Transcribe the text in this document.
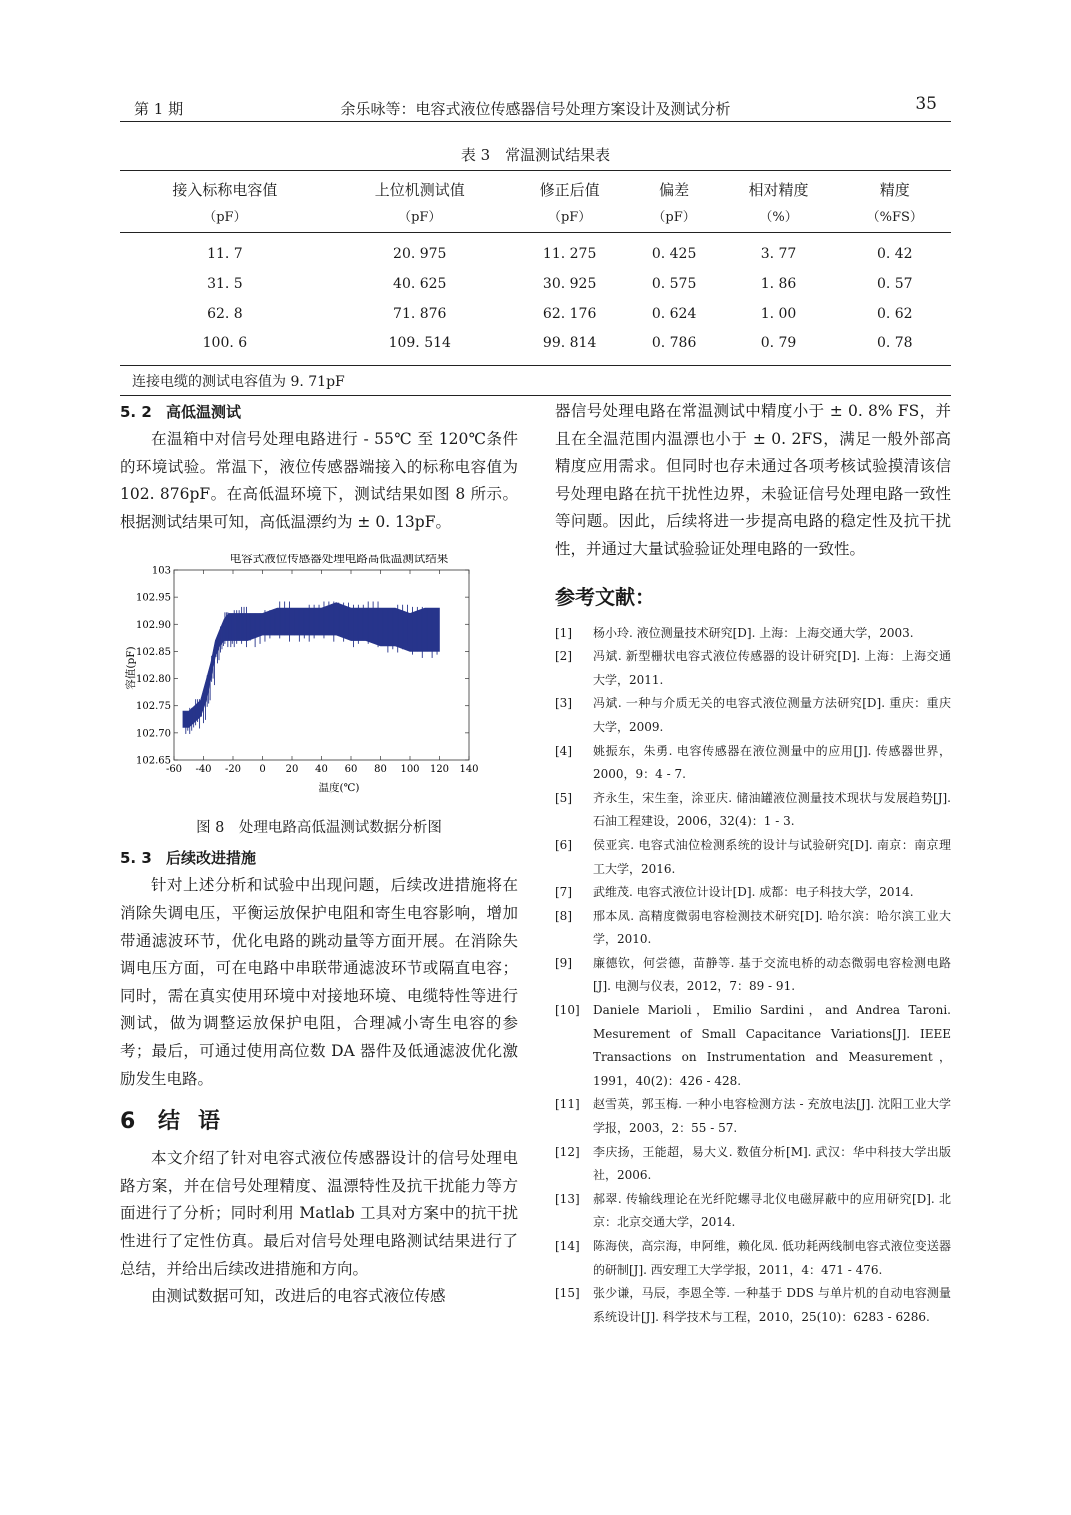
第 1 期	余乐咏等：电容式液位传感器信号处理方案设计及测试分析	35
表 3　常温测试结果表
接入标称电容值	上位机测试值	修正后值	偏差	相对精度	精度
（pF）	（pF）	（pF）	（pF）	（%）	（%FS）
11. 7	20. 975	11. 275	0. 425	3. 77	0. 42
31. 5	40. 625	30. 925	0. 575	1. 86	0. 57
62. 8	71. 876	62. 176	0. 624	1. 00	0. 62
100. 6	109. 514	99. 814	0. 786	0. 79	0. 78
连接电缆的测试电容值为 9. 71pF					
5. 2 高低温测试

在温箱中对信号处理电路进行 - 55℃ 至 120℃条件的环境试验。常温下，液位传感器端接入的标称电容值为 102. 876pF。在高低温环境下，测试结果如图 8 所示。根据测试结果可知，高低温漂约为 ± 0. 13pF。

电容式液位传感器处理电路高低温测试结果
容值(pF)
温度(℃)
-60 -40 -20 0 20 40 60 80 100 120 140
102.65
102.70
102.75
102.80
102.85
102.90
102.95
103
图 8　处理电路高低温测试数据分析图
5. 3 后续改进措施

针对上述分析和试验中出现问题，后续改进措施将在消除失调电压，平衡运放保护电阻和寄生电容影响，增加带通滤波环节，优化电路的跳动量等方面开展。在消除失调电压方面，可在电路中串联带通滤波环节或隔直电容；同时，需在真实使用环境中对接地环境、电缆特性等进行测试，做为调整运放保护电阻，合理减小寄生电容的参考；最后，可通过使用高位数 DA 器件及低通滤波优化激励发生电路。

6 结语

本文介绍了针对电容式液位传感器设计的信号处理电路方案，并在信号处理精度、温漂特性及抗干扰能力等方面进行了分析；同时利用 Matlab 工具对方案中的抗干扰性进行了定性仿真。最后对信号处理电路测试结果进行了总结，并给出后续改进措施和方向。

由测试数据可知，改进后的电容式液位传感

器信号处理电路在常温测试中精度小于 ± 0. 8% FS，并且在全温范围内温漂也小于 ± 0. 2FS，满足一般外部高精度应用需求。但同时也存未通过各项考核试验摸清该信号处理电路在抗干扰性边界，未验证信号处理电路一致性等问题。因此，后续将进一步提高电路的稳定性及抗干扰性，并通过大量试验验证处理电路的一致性。

参考文献：
[1] 杨小玲. 液位测量技术研究[D]. 上海：上海交通大学，2003.
[2] 冯斌. 新型栅状电容式液位传感器的设计研究[D]. 上海：上海交通大学，2011.
[3] 冯斌. 一种与介质无关的电容式液位测量方法研究[D]. 重庆：重庆大学，2009.
[4] 姚振东，朱勇. 电容传感器在液位测量中的应用[J]. 传感器世界，2000，9：4 - 7.
[5] 齐永生，宋生奎，涂亚庆. 储油罐液位测量技术现状与发展趋势[J]. 石油工程建设，2006，32(4)：1 - 3.
[6] 侯亚宾. 电容式油位检测系统的设计与试验研究[D]. 南京：南京理工大学，2016.
[7] 武维茂. 电容式液位计设计[D]. 成都：电子科技大学，2014.
[8] 邢本凤. 高精度微弱电容检测技术研究[D]. 哈尔滨：哈尔滨工业大学，2010.
[9] 廉德钦，何尝德，苗静等. 基于交流电桥的动态微弱电容检测电路[J]. 电测与仪表，2012，7：89 - 91.
[10] Daniele Marioli，Emilio Sardini，and Andrea Taroni. Mesurement of Small Capacitance Variations[J]. IEEE Transactions on Instrumentation and Measurement，1991，40(2)：426 - 428.
[11] 赵雪英，郭玉梅. 一种小电容检测方法 - 充放电法[J]. 沈阳工业大学学报，2003，2：55 - 57.
[12] 李庆扬，王能超，易大义. 数值分析[M]. 武汉：华中科技大学出版社，2006.
[13] 郝翠. 传输线理论在光纤陀螺寻北仪电磁屏蔽中的应用研究[D]. 北京：北京交通大学，2014.
[14] 陈海侠，高宗海，申阿维，赖化凤. 低功耗两线制电容式液位变送器的研制[J]. 西安理工大学学报，2011，4：471 - 476.
[15] 张少谦，马辰，李恩全等. 一种基于 DDS 与单片机的自动电容测量系统设计[J]. 科学技术与工程，2010，25(10)：6283 - 6286.
